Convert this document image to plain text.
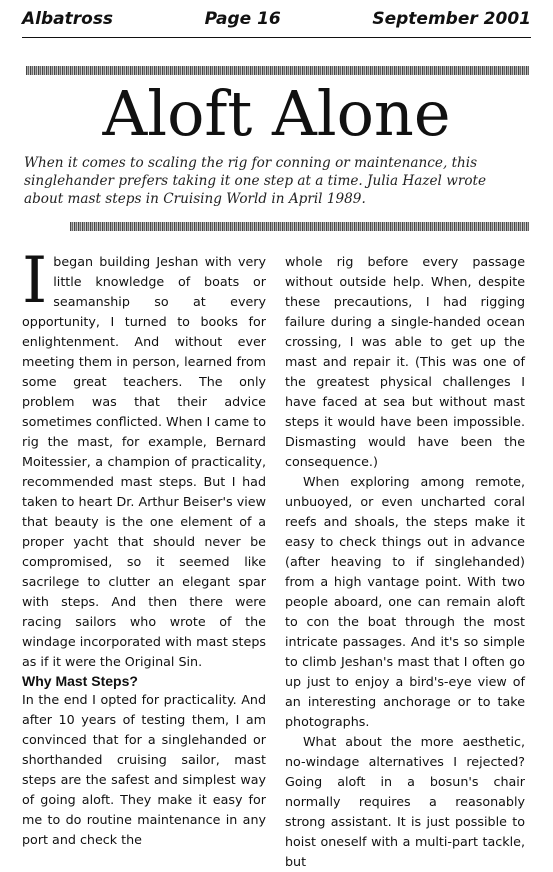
Albatross	Page 16	September 2001
Aloft Alone
When it comes to scaling the rig for conning or maintenance, this singlehander prefers taking it one step at a time. Julia Hazel wrote about mast steps in Cruising World in April 1989.
I began building Jeshan with very little knowledge of boats or seamanship so at every opportunity, I turned to books for enlightenment. And without ever meeting them in person, learned from some great teachers. The only problem was that their advice sometimes conflicted. When I came to rig the mast, for example, Bernard Moitessier, a champion of practicality, recommended mast steps. But I had taken to heart Dr. Arthur Beiser's view that beauty is the one element of a proper yacht that should never be compromised, so it seemed like sacrilege to clutter an elegant spar with steps. And then there were racing sailors who wrote of the windage incorporated with mast steps as if it were the Original Sin.

Why Mast Steps?

In the end I opted for practicality. And after 10 years of testing them, I am convinced that for a singlehanded or shorthanded cruising sailor, mast steps are the safest and simplest way of going aloft. They make it easy for me to do routine maintenance in any port and check the

whole rig before every passage without outside help. When, despite these precautions, I had rigging failure during a single-handed ocean crossing, I was able to get up the mast and repair it. (This was one of the greatest physical challenges I have faced at sea but without mast steps it would have been impossible. Dismasting would have been the consequence.)

When exploring among remote, unbuoyed, or even uncharted coral reefs and shoals, the steps make it easy to check things out in advance (after heaving to if singlehanded) from a high vantage point. With two people aboard, one can remain aloft to con the boat through the most intricate passages. And it's so simple to climb Jeshan's mast that I often go up just to enjoy a bird's-eye view of an interesting anchorage or to take photographs.

What about the more aesthetic, no-windage alternatives I rejected? Going aloft in a bosun's chair normally requires a reasonably strong assistant. It is just possible to hoist oneself with a multi-part tackle, but
